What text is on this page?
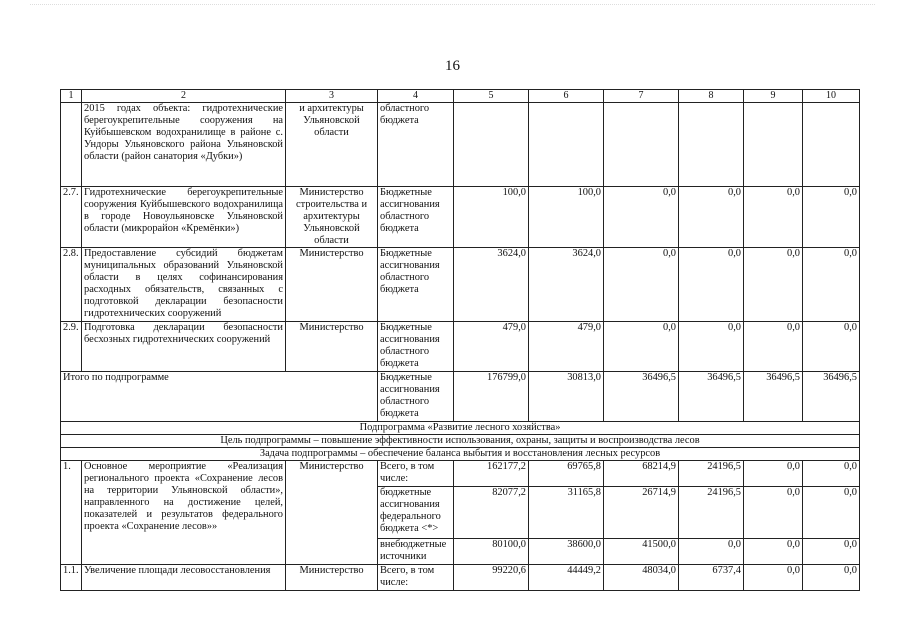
16
1	2	3	4	5	6	7	8	9	10
	2015 годах объекта: гидротехнические берегоукрепительные сооружения на Куйбышевском водохранилище в районе с. Ундоры Ульяновского района Ульяновской области (район санатория «Дубки»)	и архитектуры Ульяновской области	областного бюджета						
2.7.	Гидротехнические берегоукрепительные сооружения Куйбышевского водохранилища в городе Новоульяновске Ульяновской области (микрорайон «Кремёнки»)	Министерство строительства и архитектуры Ульяновской области	Бюджетные ассигнования областного бюджета	100,0	100,0	0,0	0,0	0,0	0,0
2.8.	Предоставление субсидий бюджетам муниципальных образований Ульяновской области в целях софинансирования расходных обязательств, связанных с подготовкой декларации безопасности гидротехнических сооружений	Министерство	Бюджетные ассигнования областного бюджета	3624,0	3624,0	0,0	0,0	0,0	0,0
2.9.	Подготовка декларации безопасности бесхозных гидротехнических сооружений	Министерство	Бюджетные ассигнования областного бюджета	479,0	479,0	0,0	0,0	0,0	0,0
Итого по подпрограмме			Бюджетные ассигнования областного бюджета	176799,0	30813,0	36496,5	36496,5	36496,5	36496,5
Подпрограмма «Развитие лесного хозяйства»									
Цель подпрограммы – повышение эффективности использования, охраны, защиты и воспроизводства лесов									
Задача подпрограммы – обеспечение баланса выбытия и восстановления лесных ресурсов									
1.	Основное мероприятие «Реализация регионального проекта «Сохранение лесов на территории Ульяновской области», направленного на достижение целей, показателей и результатов федерального проекта «Сохранение лесов»»	Министерство	Всего, в том числе:	162177,2	69765,8	68214,9	24196,5	0,0	0,0
			бюджетные ассигнования федерального бюджета <*>	82077,2	31165,8	26714,9	24196,5	0,0	0,0
			внебюджетные источники	80100,0	38600,0	41500,0	0,0	0,0	0,0
1.1.	Увеличение площади лесовосстановления	Министерство	Всего, в том числе:	99220,6	44449,2	48034,0	6737,4	0,0	0,0
